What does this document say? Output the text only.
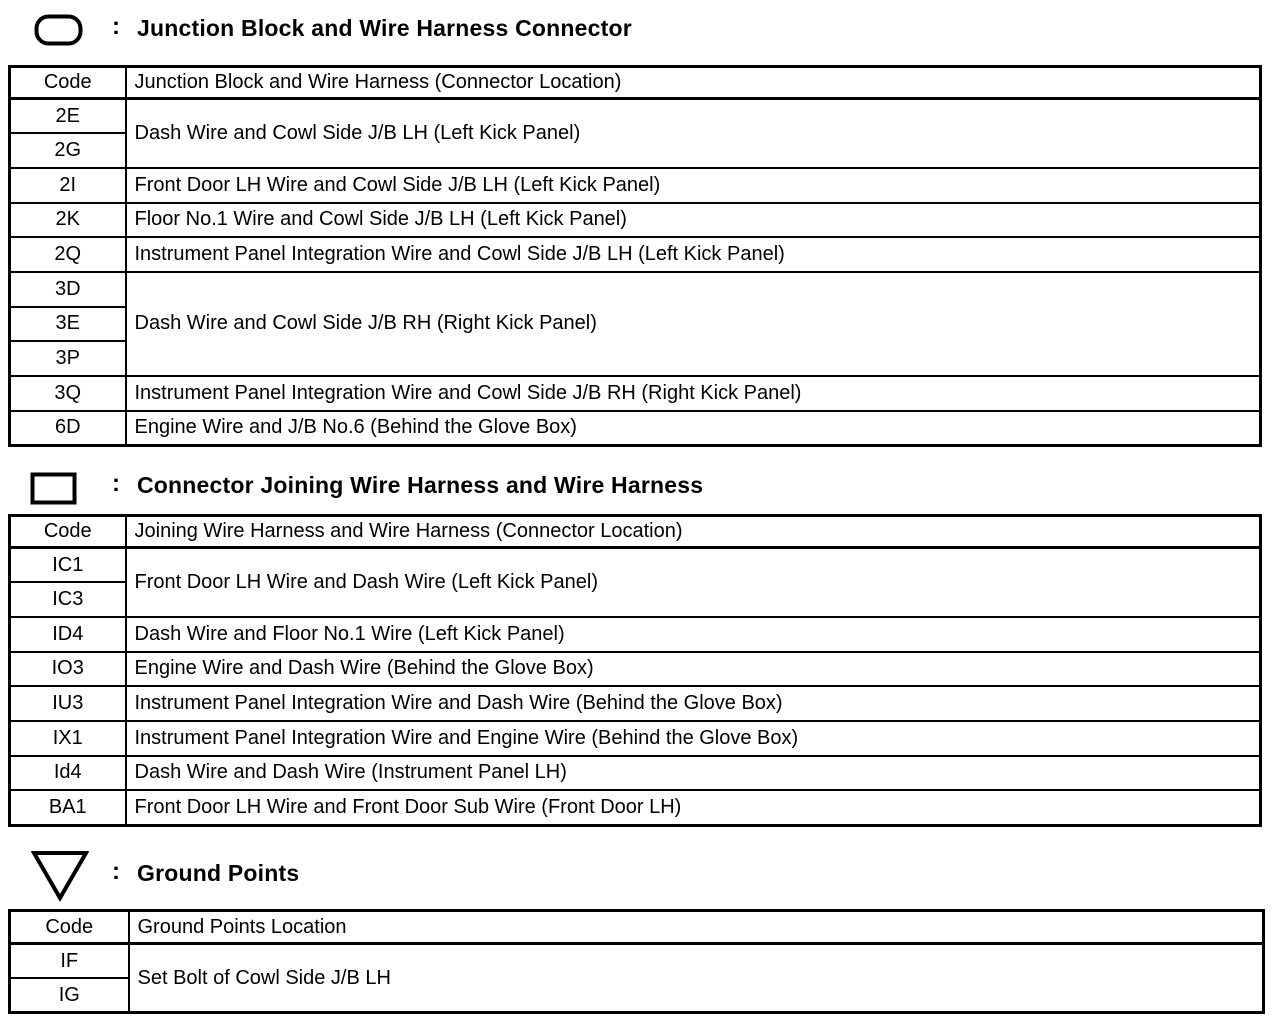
: Junction Block and Wire Harness Connector
Code	Junction Block and Wire Harness (Connector Location)
2E	Dash Wire and Cowl Side J/B LH (Left Kick Panel)
2G	
2I	Front Door LH Wire and Cowl Side J/B LH (Left Kick Panel)
2K	Floor No.1 Wire and Cowl Side J/B LH (Left Kick Panel)
2Q	Instrument Panel Integration Wire and Cowl Side J/B LH (Left Kick Panel)
3D	Dash Wire and Cowl Side J/B RH (Right Kick Panel)
3E	
3P	
3Q	Instrument Panel Integration Wire and Cowl Side J/B RH (Right Kick Panel)
6D	Engine Wire and J/B No.6 (Behind the Glove Box)
: Connector Joining Wire Harness and Wire Harness
Code	Joining Wire Harness and Wire Harness (Connector Location)
IC1	Front Door LH Wire and Dash Wire (Left Kick Panel)
IC3	
ID4	Dash Wire and Floor No.1 Wire (Left Kick Panel)
IO3	Engine Wire and Dash Wire (Behind the Glove Box)
IU3	Instrument Panel Integration Wire and Dash Wire (Behind the Glove Box)
IX1	Instrument Panel Integration Wire and Engine Wire (Behind the Glove Box)
Id4	Dash Wire and Dash Wire (Instrument Panel LH)
BA1	Front Door LH Wire and Front Door Sub Wire (Front Door LH)
: Ground Points
Code	Ground Points Location
IF	Set Bolt of Cowl Side J/B LH
IG	
